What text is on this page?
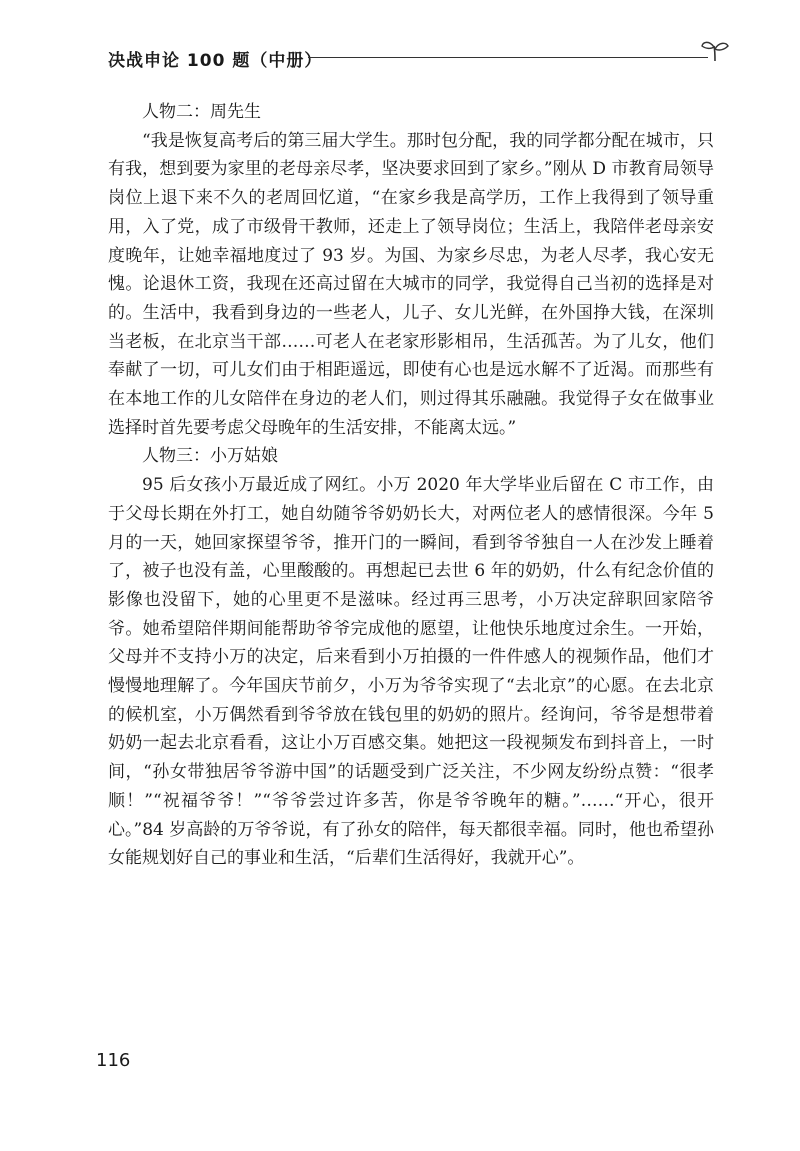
决战申论 100 题（中册）

人物二：周先生

“我是恢复高考后的第三届大学生。那时包分配，我的同学都分配在城市，只有我，想到要为家里的老母亲尽孝，坚决要求回到了家乡。”刚从 D 市教育局领导岗位上退下来不久的老周回忆道，“在家乡我是高学历，工作上我得到了领导重用，入了党，成了市级骨干教师，还走上了领导岗位；生活上，我陪伴老母亲安度晚年，让她幸福地度过了 93 岁。为国、为家乡尽忠，为老人尽孝，我心安无愧。论退休工资，我现在还高过留在大城市的同学，我觉得自己当初的选择是对的。生活中，我看到身边的一些老人，儿子、女儿光鲜，在外国挣大钱，在深圳当老板，在北京当干部……可老人在老家形影相吊，生活孤苦。为了儿女，他们奉献了一切，可儿女们由于相距遥远，即使有心也是远水解不了近渴。而那些有在本地工作的儿女陪伴在身边的老人们，则过得其乐融融。我觉得子女在做事业选择时首先要考虑父母晚年的生活安排，不能离太远。”

人物三：小万姑娘

95 后女孩小万最近成了网红。小万 2020 年大学毕业后留在 C 市工作，由于父母长期在外打工，她自幼随爷爷奶奶长大，对两位老人的感情很深。今年 5 月的一天，她回家探望爷爷，推开门的一瞬间，看到爷爷独自一人在沙发上睡着了，被子也没有盖，心里酸酸的。再想起已去世 6 年的奶奶，什么有纪念价值的影像也没留下，她的心里更不是滋味。经过再三思考，小万决定辞职回家陪爷爷。她希望陪伴期间能帮助爷爷完成他的愿望，让他快乐地度过余生。一开始，父母并不支持小万的决定，后来看到小万拍摄的一件件感人的视频作品，他们才慢慢地理解了。今年国庆节前夕，小万为爷爷实现了“去北京”的心愿。在去北京的候机室，小万偶然看到爷爷放在钱包里的奶奶的照片。经询问，爷爷是想带着奶奶一起去北京看看，这让小万百感交集。她把这一段视频发布到抖音上，一时间，“孙女带独居爷爷游中国”的话题受到广泛关注，不少网友纷纷点赞：“很孝顺！”“祝福爷爷！”“爷爷尝过许多苦，你是爷爷晚年的糖。”……“开心，很开心。”84 岁高龄的万爷爷说，有了孙女的陪伴，每天都很幸福。同时，他也希望孙女能规划好自己的事业和生活，“后辈们生活得好，我就开心”。

116
